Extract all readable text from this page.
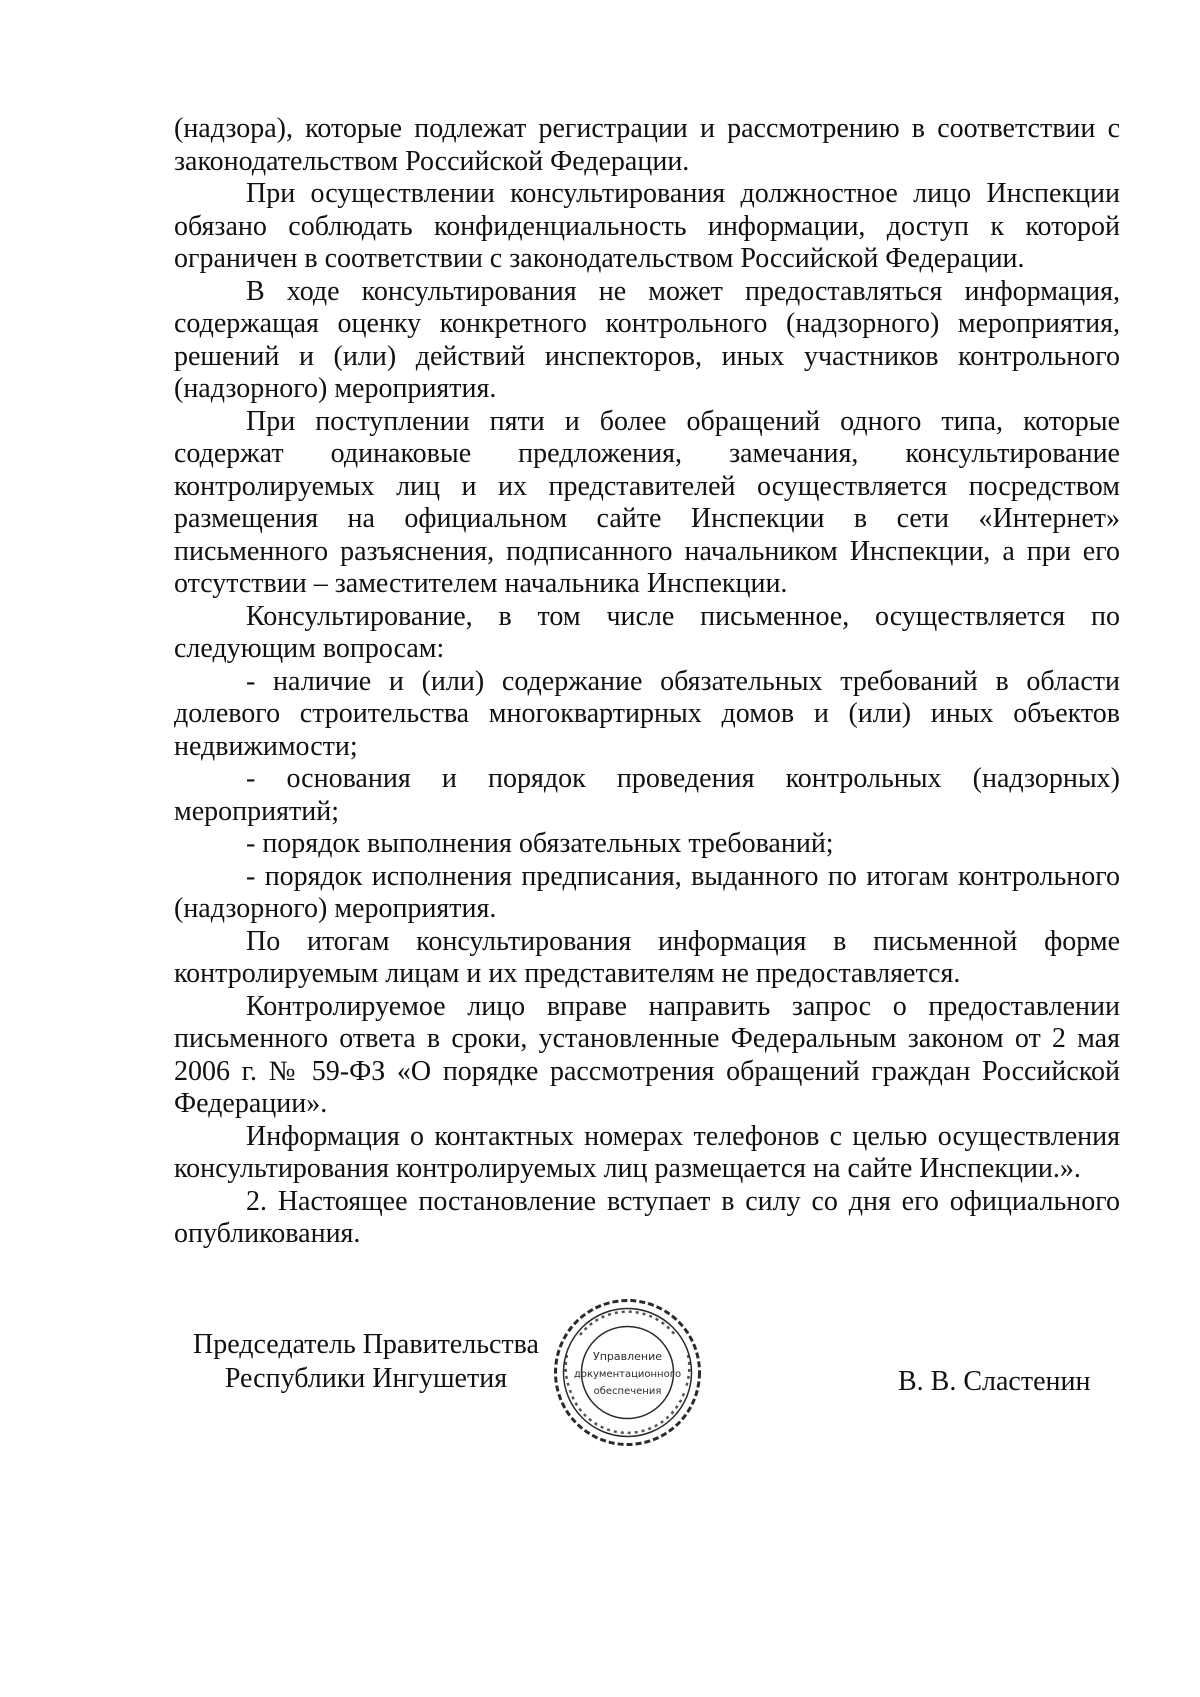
(надзора), которые подлежат регистрации и рассмотрению в соответствии с законодательством Российской Федерации.

При осуществлении консультирования должностное лицо Инспекции обязано соблюдать конфиденциальность информации, доступ к которой ограничен в соответствии с законодательством Российской Федерации.

В ходе консультирования не может предоставляться информация, содержащая оценку конкретного контрольного (надзорного) мероприятия, решений и (или) действий инспекторов, иных участников контрольного (надзорного) мероприятия.

При поступлении пяти и более обращений одного типа, которые содержат одинаковые предложения, замечания, консультирование контролируемых лиц и их представителей осуществляется посредством размещения на официальном сайте Инспекции в сети «Интернет» письменного разъяснения, подписанного начальником Инспекции, а при его отсутствии – заместителем начальника Инспекции.

Консультирование, в том числе письменное, осуществляется по следующим вопросам:

- наличие и (или) содержание обязательных требований в области долевого строительства многоквартирных домов и (или) иных объектов недвижимости;

- основания и порядок проведения контрольных (надзорных) мероприятий;

- порядок выполнения обязательных требований;

- порядок исполнения предписания, выданного по итогам контрольного (надзорного) мероприятия.

По итогам консультирования информация в письменной форме контролируемым лицам и их представителям не предоставляется.

Контролируемое лицо вправе направить запрос о предоставлении письменного ответа в сроки, установленные Федеральным законом от 2 мая 2006 г. № 59-ФЗ «О порядке рассмотрения обращений граждан Российской Федерации».

Информация о контактных номерах телефонов с целью осуществления консультирования контролируемых лиц размещается на сайте Инспекции.».

2. Настоящее постановление вступает в силу со дня его официального опубликования.

Председатель Правительства
Республики Ингушетия
Управление
документационного
обеспечения	В. В. Сластенин
